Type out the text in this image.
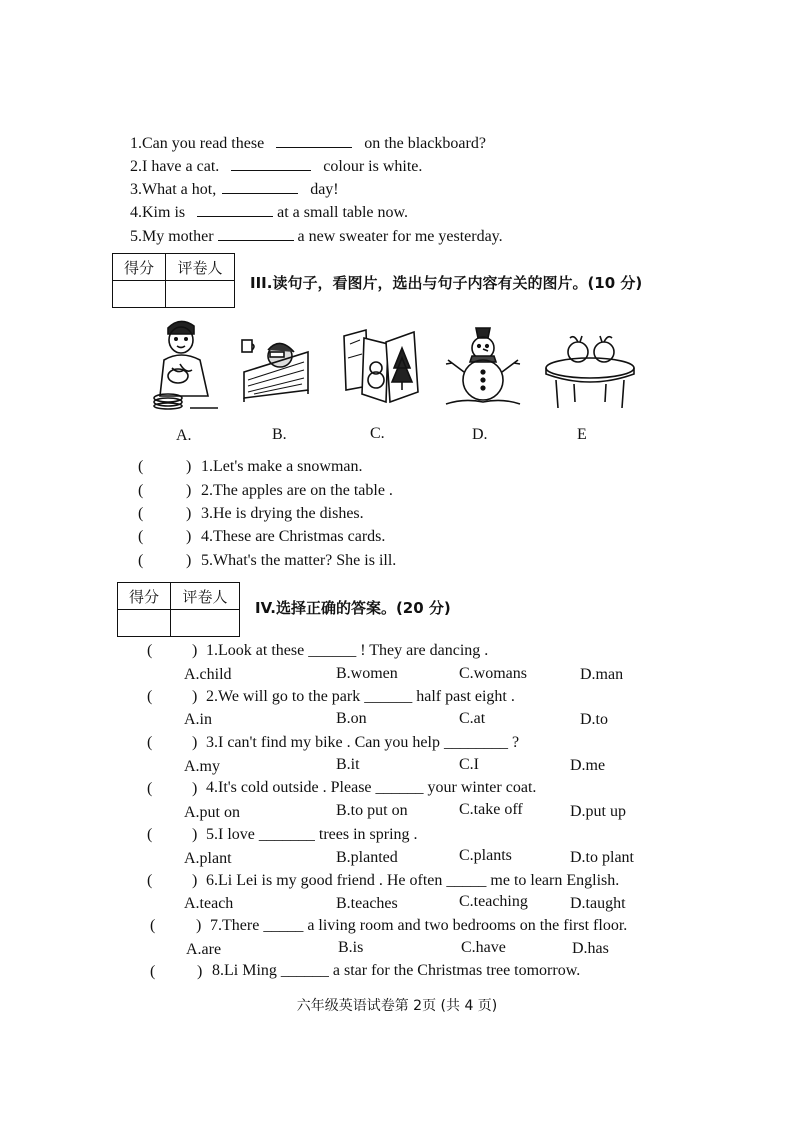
1.Can you read these	on the blackboard?
2.I have a cat.	colour is white.
3.What a hot,	day!
4.Kim is	at a small table now.
5.My mother	a new sweater for me yesterday.
得分	评卷人

III.读句子，看图片，选出与句子内容有关的图片。(10 分)
A.	B.	C.	D.	E
(	) 1.Let's make a snowman.
(	) 2.The apples are on the table .
(	) 3.He is drying the dishes.
(	) 4.These are Christmas cards.
(	) 5.What's the matter? She is ill.
得分	评卷人

IV.选择正确的答案。(20 分)
( ) 1.Look at these ______ ! They are dancing .
A.child	B.women	C.womans	D.man
( ) 2.We will go to the park ______ half past eight .
A.in	B.on	C.at	D.to
( ) 3.I can't find my bike . Can you help ________ ?
A.my	B.it	C.I	D.me
( ) 4.It's cold outside . Please ______ your winter coat.
A.put on	B.to put on	C.take off	D.put up
( ) 5.I love _______ trees in spring .
A.plant	B.planted	C.plants	D.to plant
( ) 6.Li Lei is my good friend . He often _____ me to learn English.
A.teach	B.teaches	C.teaching	D.taught
(	) 7.There _____ a living room and two bedrooms on the first floor.
A.are	B.is	C.have	D.has
(	) 8.Li Ming ______ a star for the Christmas tree tomorrow.
六年级英语试卷第 2页 (共 4 页)
